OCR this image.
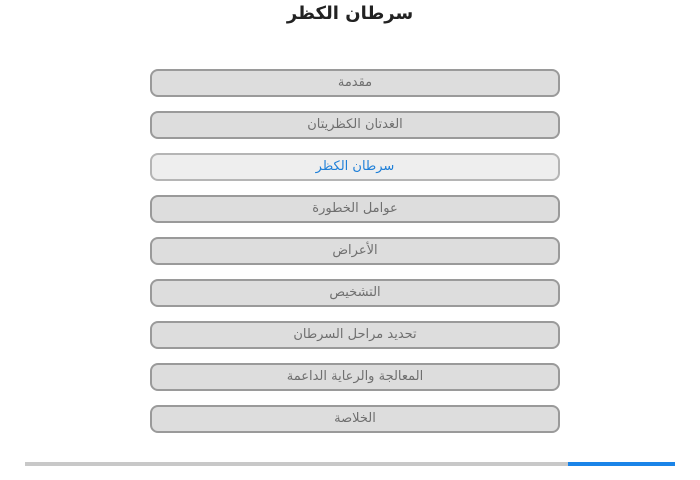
سرطان الكظر
مقدمة
الغدتان الكظريتان
سرطان الكظر
عوامل الخطورة
الأعراض
التشخيص
تحديد مراحل السرطان
المعالجة والرعاية الداعمة
الخلاصة
